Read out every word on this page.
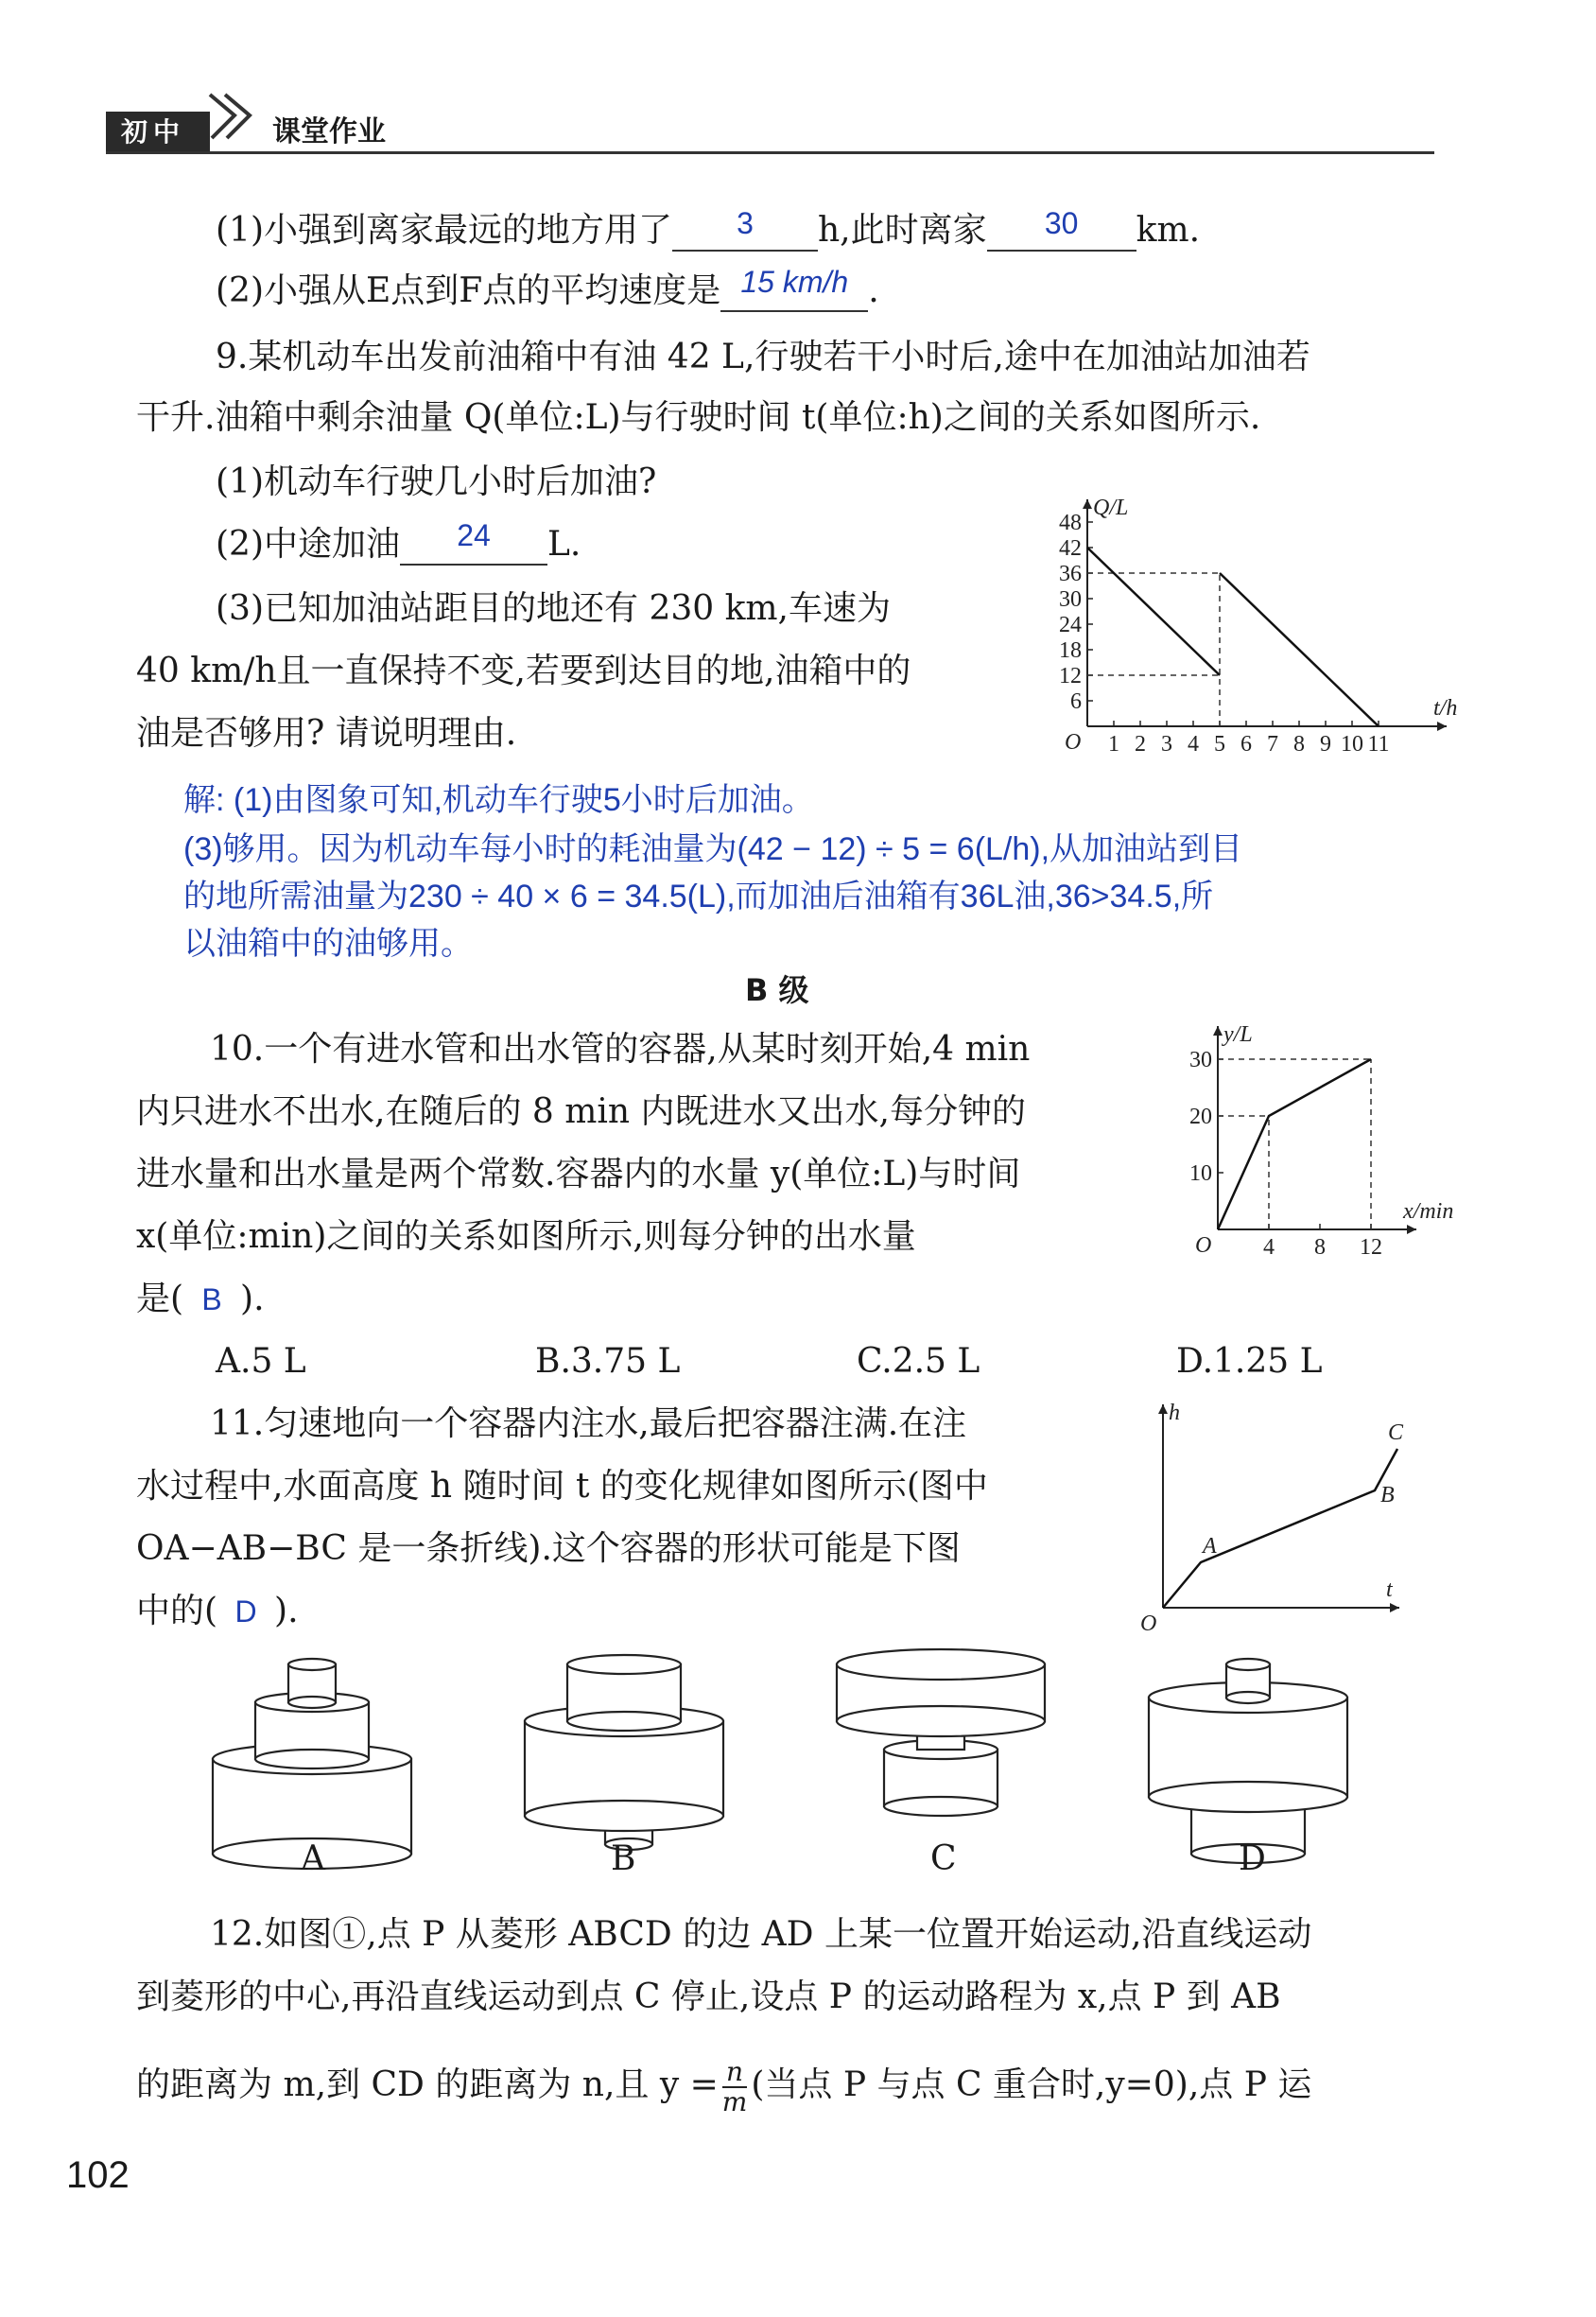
初中	课堂作业
(1)小强到离家最远的地方用了 3 h,此时离家 30 km.
(2)小强从E点到F点的平均速度是 15 km/h .
9.某机动车出发前油箱中有油 42 L,行驶若干小时后,途中在加油站加油若
干升.油箱中剩余油量 Q(单位:L)与行驶时间 t(单位:h)之间的关系如图所示.
(1)机动车行驶几小时后加油?
(2)中途加油 24 L.
(3)已知加油站距目的地还有 230 km,车速为
40 km/h且一直保持不变,若要到达目的地,油箱中的
油是否够用? 请说明理由.	O
Q/L
t/h
1 2 3 4 5 6 7 8 9 10 11
6
12
18
24
30
36
42
48
解: (1)由图象可知,机动车行驶5小时后加油。
(3)够用。因为机动车每小时的耗油量为(42 − 12) ÷ 5 = 6(L/h),从加油站到目
的地所需油量为230 ÷ 40 × 6 = 34.5(L),而加油后油箱有36L油,36>34.5,所
以油箱中的油够用。
B 级
10.一个有进水管和出水管的容器,从某时刻开始,4 min
内只进水不出水,在随后的 8 min 内既进水又出水,每分钟的
进水量和出水量是两个常数.容器内的水量 y(单位:L)与时间
x(单位:min)之间的关系如图所示,则每分钟的出水量
是( B ).
A.5 L	B.3.75 L	C.2.5 L	D.1.25 L
O
y/L
x/min
4 8 12
10
20
30
11.匀速地向一个容器内注水,最后把容器注满.在注
水过程中,水面高度 h 随时间 t 的变化规律如图所示(图中
OA−AB−BC 是一条折线).这个容器的形状可能是下图
中的( D ).	O
h
t
A
B
C
A	B	C	D
12.如图①,点 P 从菱形 ABCD 的边 AD 上某一位置开始运动,沿直线运动
到菱形的中心,再沿直线运动到点 C 停止,设点 P 的运动路程为 x,点 P 到 AB
的距离为 m,到 CD 的距离为 n,且 $y = \frac{n}{m}$ (当点 P 与点 C 重合时,y=0),点 P 运
102
